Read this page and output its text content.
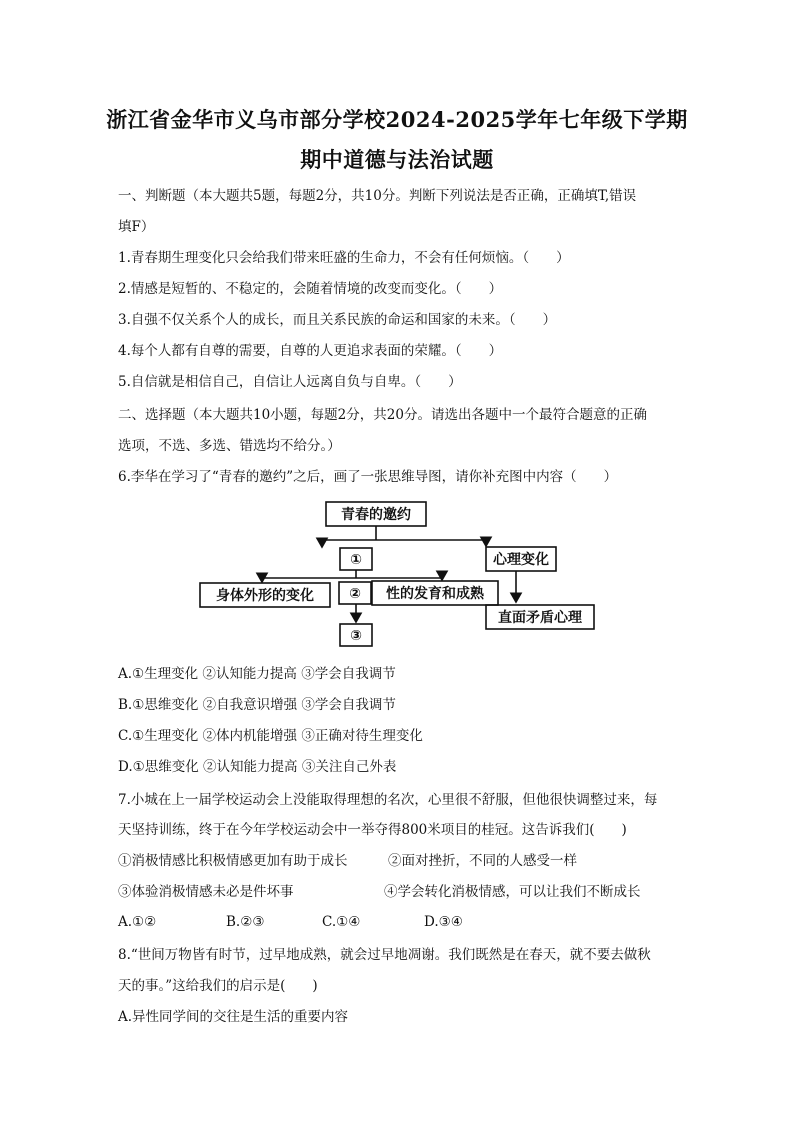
浙江省金华市义乌市部分学校2024-2025学年七年级下学期
期中道德与法治试题
一、判断题（本大题共5题，每题2分，共10分。判断下列说法是否正确，正确填T,错误
填F）
1.青春期生理变化只会给我们带来旺盛的生命力，不会有任何烦恼。（　　）
2.情感是短暂的、不稳定的，会随着情境的改变而变化。（　　）
3.自强不仅关系个人的成长，而且关系民族的命运和国家的未来。（　　）
4.每个人都有自尊的需要，自尊的人更追求表面的荣耀。（　　）
5.自信就是相信自己，自信让人远离自负与自卑。（　　）
二、选择题（本大题共10小题，每题2分，共20分。请选出各题中一个最符合题意的正确
选项，不选、多选、错选均不给分。）
6.李华在学习了“青春的邀约”之后，画了一张思维导图，请你补充图中内容（　　）
青春的邀约
①	心理变化
身体外形的变化	② 性的发育和成熟
③
直面矛盾心理
A.①生理变化 ②认知能力提高 ③学会自我调节
B.①思维变化 ②自我意识增强 ③学会自我调节
C.①生理变化 ②体内机能增强 ③正确对待生理变化
D.①思维变化 ②认知能力提高 ③关注自己外表
7.小城在上一届学校运动会上没能取得理想的名次，心里很不舒服，但他很快调整过来，每
天坚持训练，终于在今年学校运动会中一举夺得800米项目的桂冠。这告诉我们(　　)
①消极情感比积极情感更加有助于成长	②面对挫折，不同的人感受一样
③体验消极情感未必是件坏事	④学会转化消极情感，可以让我们不断成长
A.①②	B.②③	C.①④	D.③④
8.“世间万物皆有时节，过早地成熟，就会过早地凋谢。我们既然是在春天，就不要去做秋
天的事。”这给我们的启示是(　　)
A.异性同学间的交往是生活的重要内容
